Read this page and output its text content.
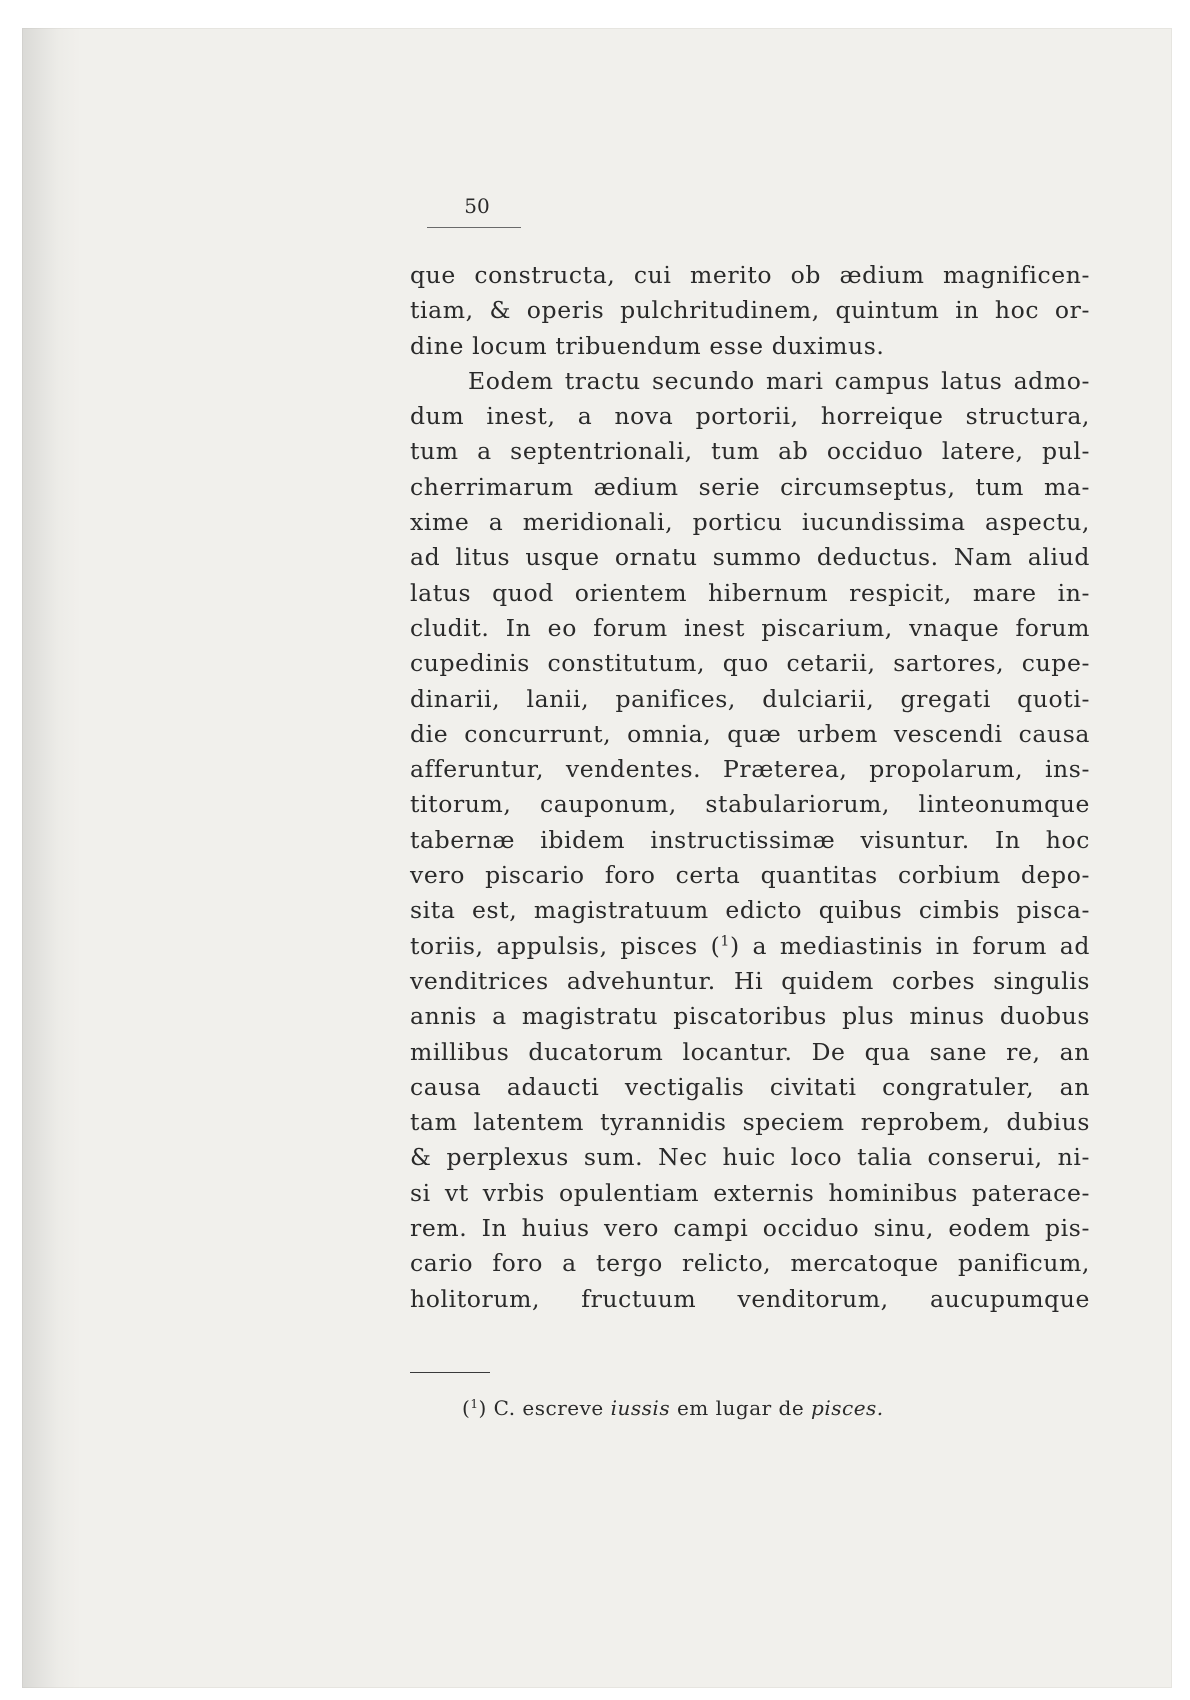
50
que constructa, cui merito ob ædium magnificen-
tiam, & operis pulchritudinem, quintum in hoc or-
dine locum tribuendum esse duximus.
Eodem tractu secundo mari campus latus admo-
dum inest, a nova portorii, horreique structura,
tum a septentrionali, tum ab occiduo latere, pul-
cherrimarum ædium serie circumseptus, tum ma-
xime a meridionali, porticu iucundissima aspectu,
ad litus usque ornatu summo deductus. Nam aliud
latus quod orientem hibernum respicit, mare in-
cludit. In eo forum inest piscarium, vnaque forum
cupedinis constitutum, quo cetarii, sartores, cupe-
dinarii, lanii, panifices, dulciarii, gregati quoti-
die concurrunt, omnia, quæ urbem vescendi causa
afferuntur, vendentes. Præterea, propolarum, ins-
titorum, cauponum, stabulariorum, linteonumque
tabernæ ibidem instructissimæ visuntur. In hoc
vero piscario foro certa quantitas corbium depo-
sita est, magistratuum edicto quibus cimbis pisca-
toriis, appulsis, pisces ($^1$) a mediastinis in forum ad
venditrices advehuntur. Hi quidem corbes singulis
annis a magistratu piscatoribus plus minus duobus
millibus ducatorum locantur. De qua sane re, an
causa adaucti vectigalis civitati congratuler, an
tam latentem tyrannidis speciem reprobem, dubius
& perplexus sum. Nec huic loco talia conserui, ni-
si vt vrbis opulentiam externis hominibus paterace-
rem. In huius vero campi occiduo sinu, eodem pis-
cario foro a tergo relicto, mercatoque panificum,
holitorum, fructuum venditorum, aucupumque
($^1$) C. escreve iussis em lugar de pisces.
